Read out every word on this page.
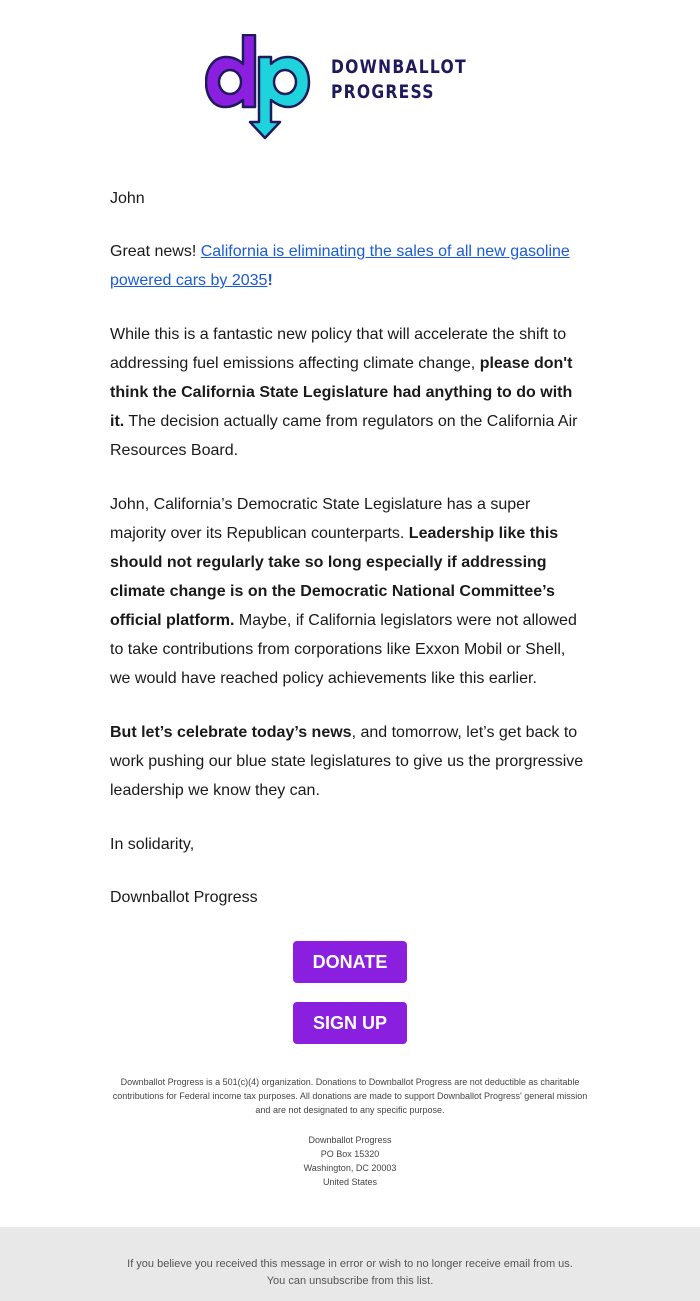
DOWNBALLOT
PROGRESS

John

Great news! California is eliminating the sales of all new gasoline powered cars by 2035!

While this is a fantastic new policy that will accelerate the shift to addressing fuel emissions affecting climate change, please don't think the California State Legislature had anything to do with it. The decision actually came from regulators on the California Air Resources Board.

John, California’s Democratic State Legislature has a super majority over its Republican counterparts. Leadership like this should not regularly take so long especially if addressing climate change is on the Democratic National Committee’s official platform. Maybe, if California legislators were not allowed to take contributions from corporations like Exxon Mobil or Shell, we would have reached policy achievements like this earlier.

But let’s celebrate today’s news, and tomorrow, let’s get back to work pushing our blue state legislatures to give us the prorgressive leadership we know they can.

In solidarity,

Downballot Progress

DONATE
SIGN UP
Downballot Progress is a 501(c)(4) organization. Donations to Downballot Progress are not deductible as charitable contributions for Federal income tax purposes. All donations are made to support Downballot Progress' general mission and are not designated to any specific purpose.
Downballot Progress
PO Box 15320
Washington, DC 20003
United States
If you believe you received this message in error or wish to no longer receive email from us.
You can unsubscribe from this list.
